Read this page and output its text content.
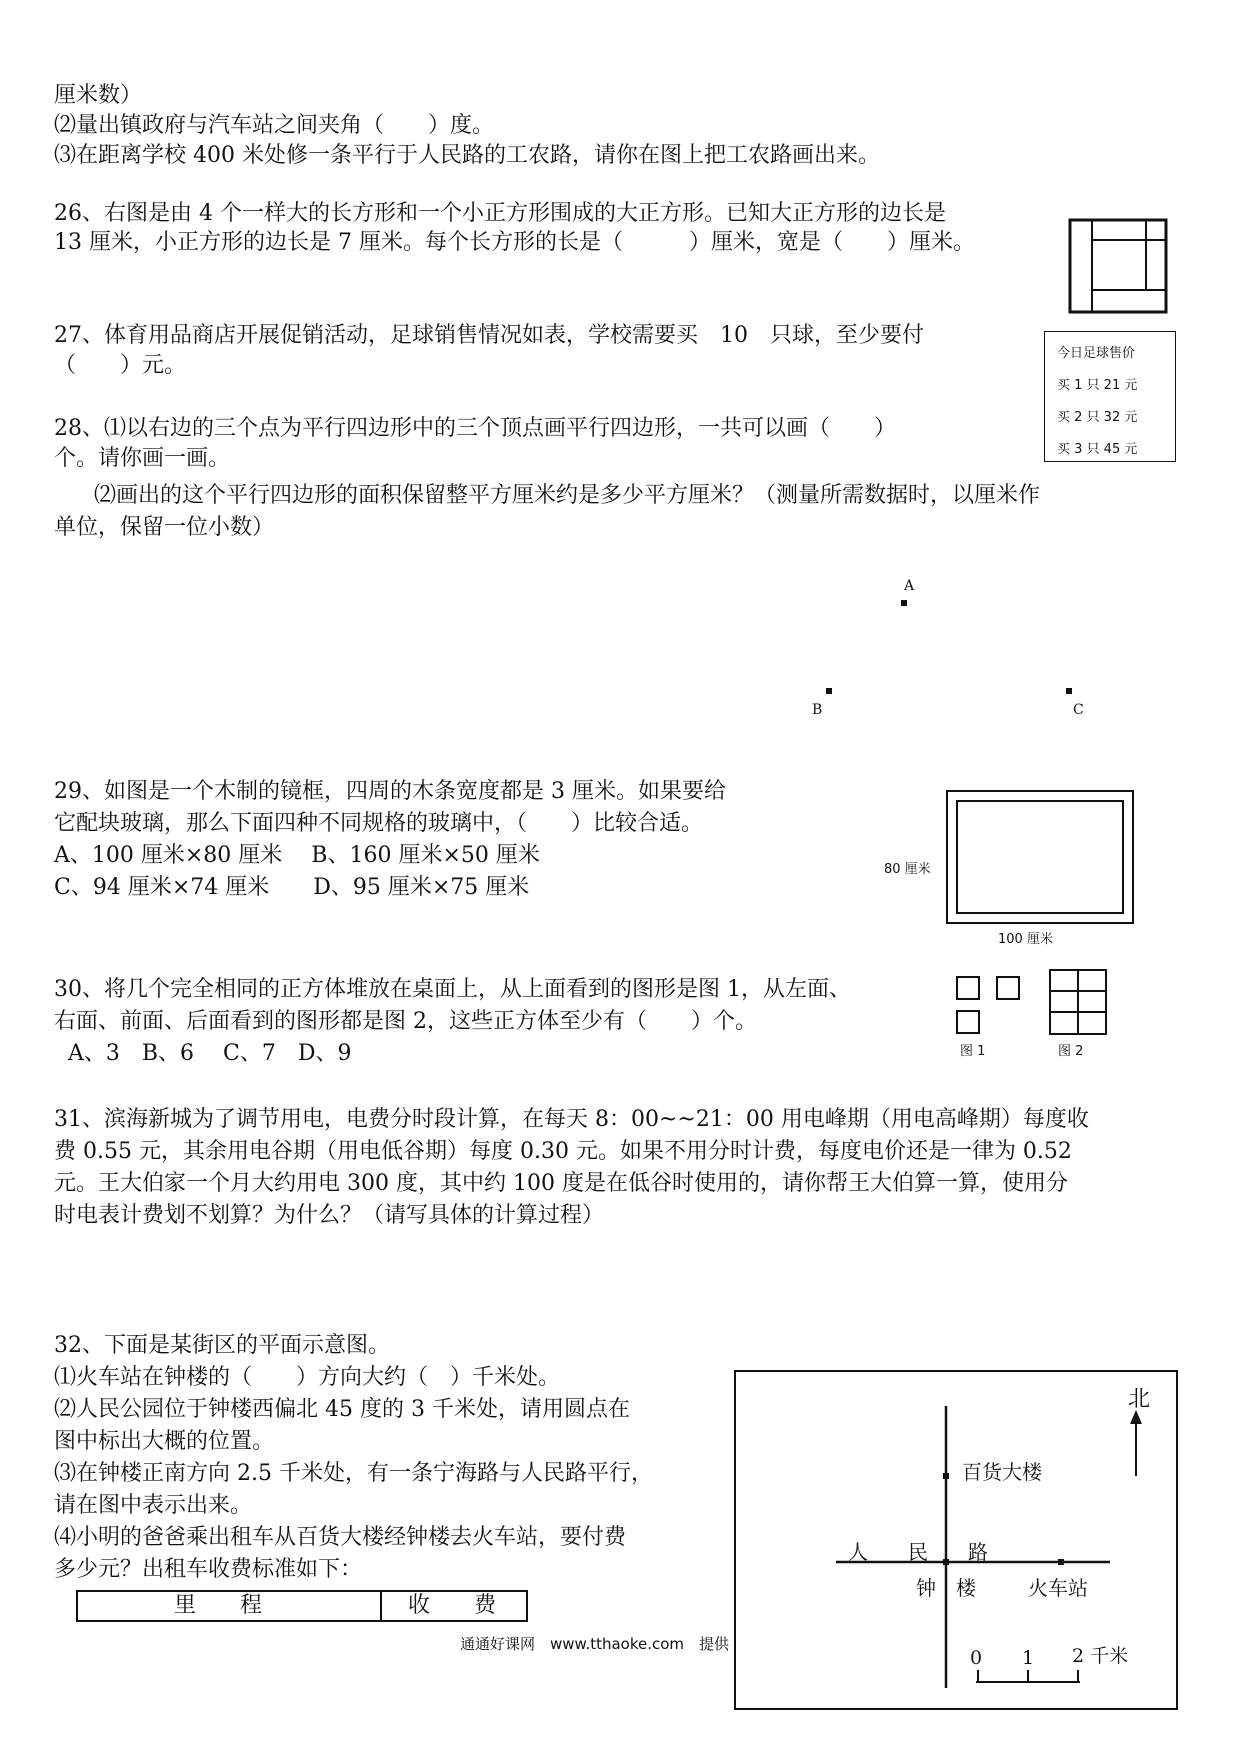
厘米数）
⑵量出镇政府与汽车站之间夹角（　　）度。
⑶在距离学校 400 米处修一条平行于人民路的工农路，请你在图上把工农路画出来。
26、右图是由 4 个一样大的长方形和一个小正方形围成的大正方形。已知大正方形的边长是
13 厘米，小正方形的边长是 7 厘米。每个长方形的长是（　　　）厘米，宽是（　　）厘米。
27、体育用品商店开展促销活动，足球销售情况如表，学校需要买　10　只球，至少要付
（　　）元。	今日足球售价
买 1 只 21 元
买 2 只 32 元
买 3 只 45 元
28、⑴以右边的三个点为平行四边形中的三个顶点画平行四边形，一共可以画（　　）
个。请你画一画。
⑵画出的这个平行四边形的面积保留整平方厘米约是多少平方厘米？（测量所需数据时，以厘米作
单位，保留一位小数）
A
B	C
29、如图是一个木制的镜框，四周的木条宽度都是 3 厘米。如果要给
它配块玻璃，那么下面四种不同规格的玻璃中，（　　）比较合适。
A、100 厘米×80 厘米　 B、160 厘米×50 厘米
C、94 厘米×74 厘米　　D、95 厘米×75 厘米
80 厘米
100 厘米
30、将几个完全相同的正方体堆放在桌面上，从上面看到的图形是图 1，从左面、
右面、前面、后面看到的图形都是图 2，这些正方体至少有（　　）个。
A、3　B、6　 C、7　D、9	图 1	图 2
31、滨海新城为了调节用电，电费分时段计算，在每天 8：00~~21：00 用电峰期（用电高峰期）每度收
费 0.55 元，其余用电谷期（用电低谷期）每度 0.30 元。如果不用分时计费，每度电价还是一律为 0.52
元。王大伯家一个月大约用电 300 度，其中约 100 度是在低谷时使用的，请你帮王大伯算一算，使用分
时电表计费划不划算？为什么？（请写具体的计算过程）
32、下面是某街区的平面示意图。
⑴火车站在钟楼的（　　）方向大约（　）千米处。
⑵人民公园位于钟楼西偏北 45 度的 3 千米处，请用圆点在
图中标出大概的位置。
⑶在钟楼正南方向 2.5 千米处，有一条宁海路与人民路平行，
请在图中表示出来。
⑷小明的爸爸乘出租车从百货大楼经钟楼去火车站，要付费
多少元？出租车收费标准如下：
里　　程	收　　费
北
百货大楼
人　　民　　路
钟　楼	火车站
0 1 2 千米
通通好课网　www.tthaoke.com　提供
